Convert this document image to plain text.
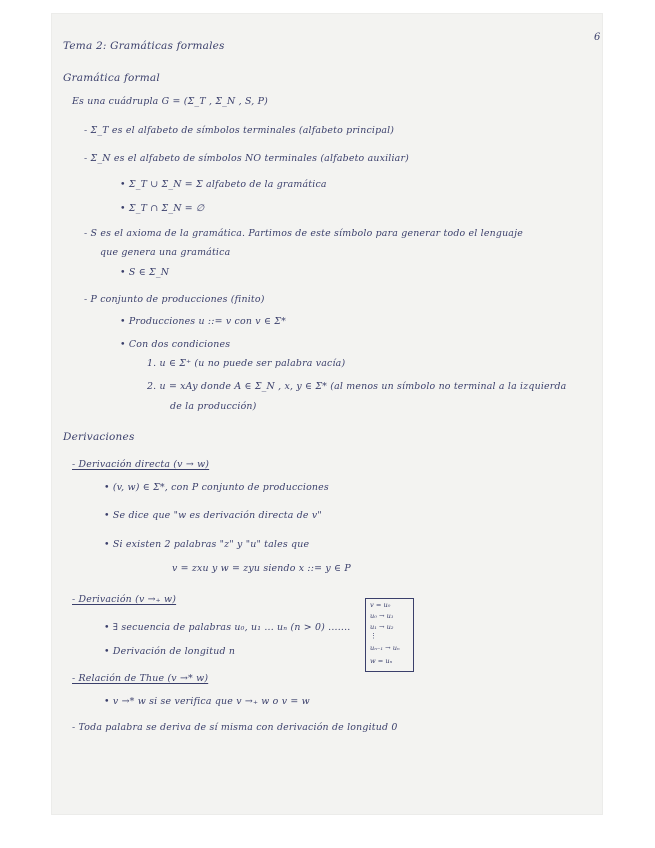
6
Tema 2: Gramáticas formales
Gramática formal
Es una cuádrupla G = (Σ_T , Σ_N , S, P)
- Σ_T es el alfabeto de símbolos terminales (alfabeto principal)
- Σ_N es el alfabeto de símbolos NO terminales (alfabeto auxiliar)
• Σ_T ∪ Σ_N = Σ alfabeto de la gramática
• Σ_T ∩ Σ_N = ∅
- S es el axioma de la gramática. Partimos de este símbolo para generar todo el lenguaje
que genera una gramática
• S ∈ Σ_N
- P conjunto de producciones (finito)
• Producciones u ::= v con v ∈ Σ*
• Con dos condiciones
1. u ∈ Σ⁺ (u no puede ser palabra vacía)
2. u = xAy donde A ∈ Σ_N , x, y ∈ Σ* (al menos un símbolo no terminal a la izquierda
de la producción)
Derivaciones
- Derivación directa (v → w)
• (v, w) ∈ Σ*, con P conjunto de producciones
• Se dice que "w es derivación directa de v"
• Si existen 2 palabras "z" y "u" tales que
v = zxu y w = zyu siendo x ::= y ∈ P
- Derivación (v →₊ w)
• ∃ secuencia de palabras u₀, u₁ ... uₙ (n > 0) .......
• Derivación de longitud n
v = u₀
u₀ → u₁
u₁ → u₂
⋮
uₙ₋₁ → uₙ
w = uₙ
- Relación de Thue (v →* w)
• v →* w si se verifica que v →₊ w o v = w
- Toda palabra se deriva de sí misma con derivación de longitud 0
